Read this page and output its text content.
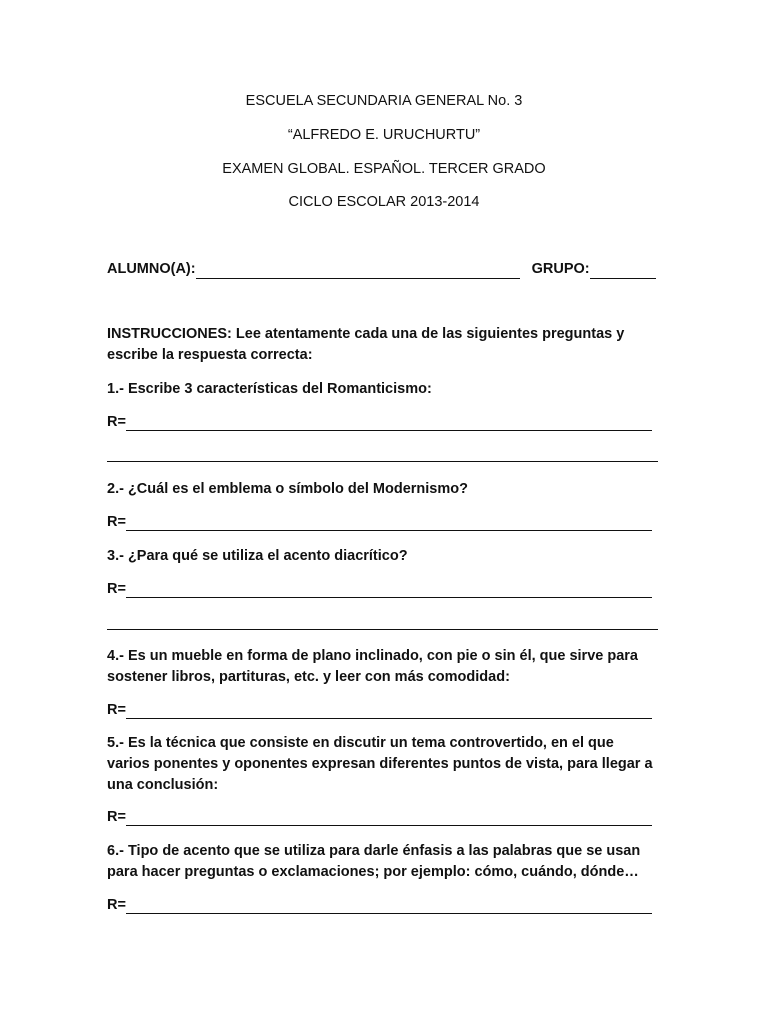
ESCUELA SECUNDARIA GENERAL No. 3
“ALFREDO E. URUCHURTU”
EXAMEN GLOBAL. ESPAÑOL. TERCER GRADO
CICLO ESCOLAR 2013-2014
ALUMNO(A):	GRUPO:
INSTRUCCIONES: Lee atentamente cada una de las siguientes preguntas y escribe la respuesta correcta:
1.- Escribe 3 características del Romanticismo:
R=
2.- ¿Cuál es el emblema o símbolo del Modernismo?
R=
3.- ¿Para qué se utiliza el acento diacrítico?
R=
4.- Es un mueble en forma de plano inclinado, con pie o sin él, que sirve para sostener libros, partituras, etc. y leer con más comodidad:
R=
5.- Es la técnica que consiste en discutir un tema controvertido, en el que varios ponentes y oponentes expresan diferentes puntos de vista, para llegar a una conclusión:
R=
6.- Tipo de acento que se utiliza para darle énfasis a las palabras que se usan para hacer preguntas o exclamaciones; por ejemplo: cómo, cuándo, dónde…
R=
